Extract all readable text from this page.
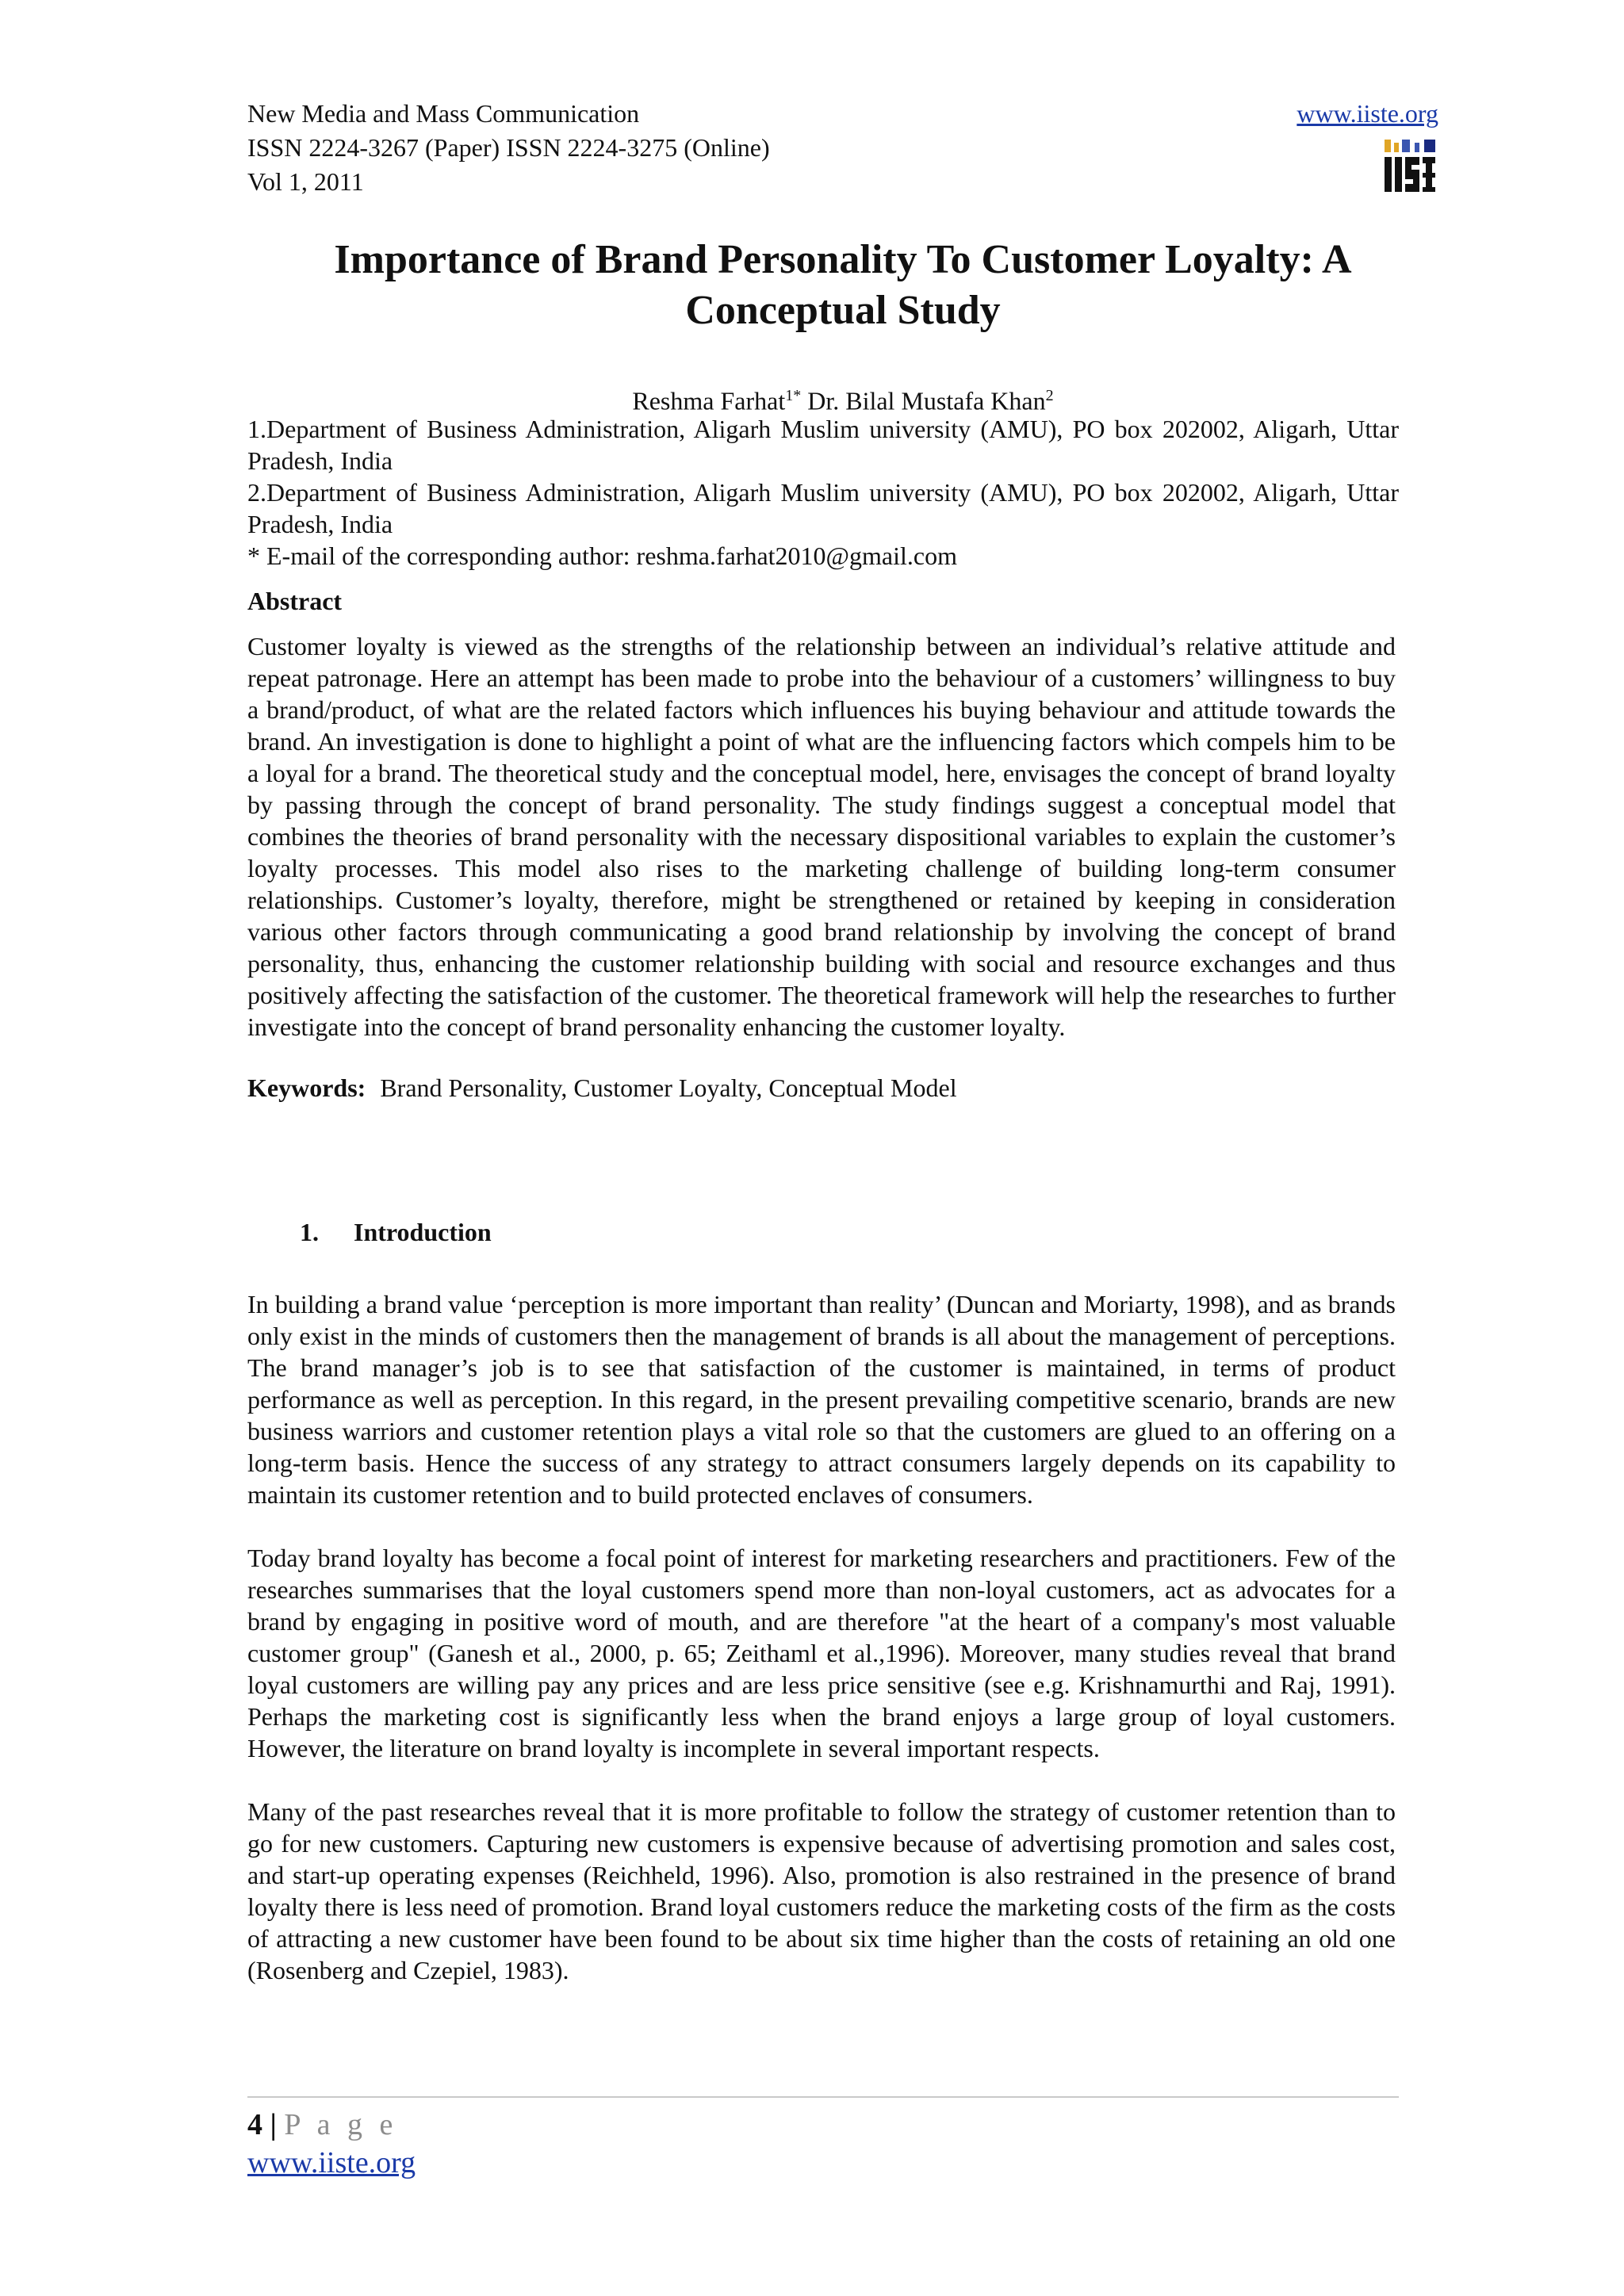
New Media and Mass Communication
ISSN 2224-3267 (Paper) ISSN 2224-3275 (Online)
Vol 1, 2011
www.iiste.org
Importance of Brand Personality To Customer Loyalty: A Conceptual Study
Reshma Farhat$^{1*}$ Dr. Bilal Mustafa Khan$^2$

1.Department of Business Administration, Aligarh Muslim university (AMU), PO box 202002, Aligarh, Uttar Pradesh, India

2.Department of Business Administration, Aligarh Muslim university (AMU), PO box 202002, Aligarh, Uttar Pradesh, India

* E-mail of the corresponding author: reshma.farhat2010@gmail.com

Abstract

Customer loyalty is viewed as the strengths of the relationship between an individual’s relative attitude and repeat patronage. Here an attempt has been made to probe into the behaviour of a customers’ willingness to buy a brand/product, of what are the related factors which influences his buying behaviour and attitude towards the brand. An investigation is done to highlight a point of what are the influencing factors which compels him to be a loyal for a brand. The theoretical study and the conceptual model, here, envisages the concept of brand loyalty by passing through the concept of brand personality. The study findings suggest a conceptual model that combines the theories of brand personality with the necessary dispositional variables to explain the customer’s loyalty processes. This model also rises to the marketing challenge of building long-term consumer relationships. Customer’s loyalty, therefore, might be strengthened or retained by keeping in consideration various other factors through communicating a good brand relationship by involving the concept of brand personality, thus, enhancing the customer relationship building with social and resource exchanges and thus positively affecting the satisfaction of the customer. The theoretical framework will help the researches to further investigate into the concept of brand personality enhancing the customer loyalty.

Keywords: Brand Personality, Customer Loyalty, Conceptual Model
1. Introduction

In building a brand value ‘perception is more important than reality’ (Duncan and Moriarty, 1998), and as brands only exist in the minds of customers then the management of brands is all about the management of perceptions. The brand manager’s job is to see that satisfaction of the customer is maintained, in terms of product performance as well as perception. In this regard, in the present prevailing competitive scenario, brands are new business warriors and customer retention plays a vital role so that the customers are glued to an offering on a long-term basis. Hence the success of any strategy to attract consumers largely depends on its capability to maintain its customer retention and to build protected enclaves of consumers.

Today brand loyalty has become a focal point of interest for marketing researchers and practitioners. Few of the researches summarises that the loyal customers spend more than non-loyal customers, act as advocates for a brand by engaging in positive word of mouth, and are therefore "at the heart of a company's most valuable customer group" (Ganesh et al., 2000, p. 65; Zeithaml et al.,1996). Moreover, many studies reveal that brand loyal customers are willing pay any prices and are less price sensitive (see e.g. Krishnamurthi and Raj, 1991). Perhaps the marketing cost is significantly less when the brand enjoys a large group of loyal customers. However, the literature on brand loyalty is incomplete in several important respects.

Many of the past researches reveal that it is more profitable to follow the strategy of customer retention than to go for new customers. Capturing new customers is expensive because of advertising promotion and sales cost, and start-up operating expenses (Reichheld, 1996). Also, promotion is also restrained in the presence of brand loyalty there is less need of promotion. Brand loyal customers reduce the marketing costs of the firm as the costs of attracting a new customer have been found to be about six time higher than the costs of retaining an old one (Rosenberg and Czepiel, 1983).

4 | P a g e
www.iiste.org
